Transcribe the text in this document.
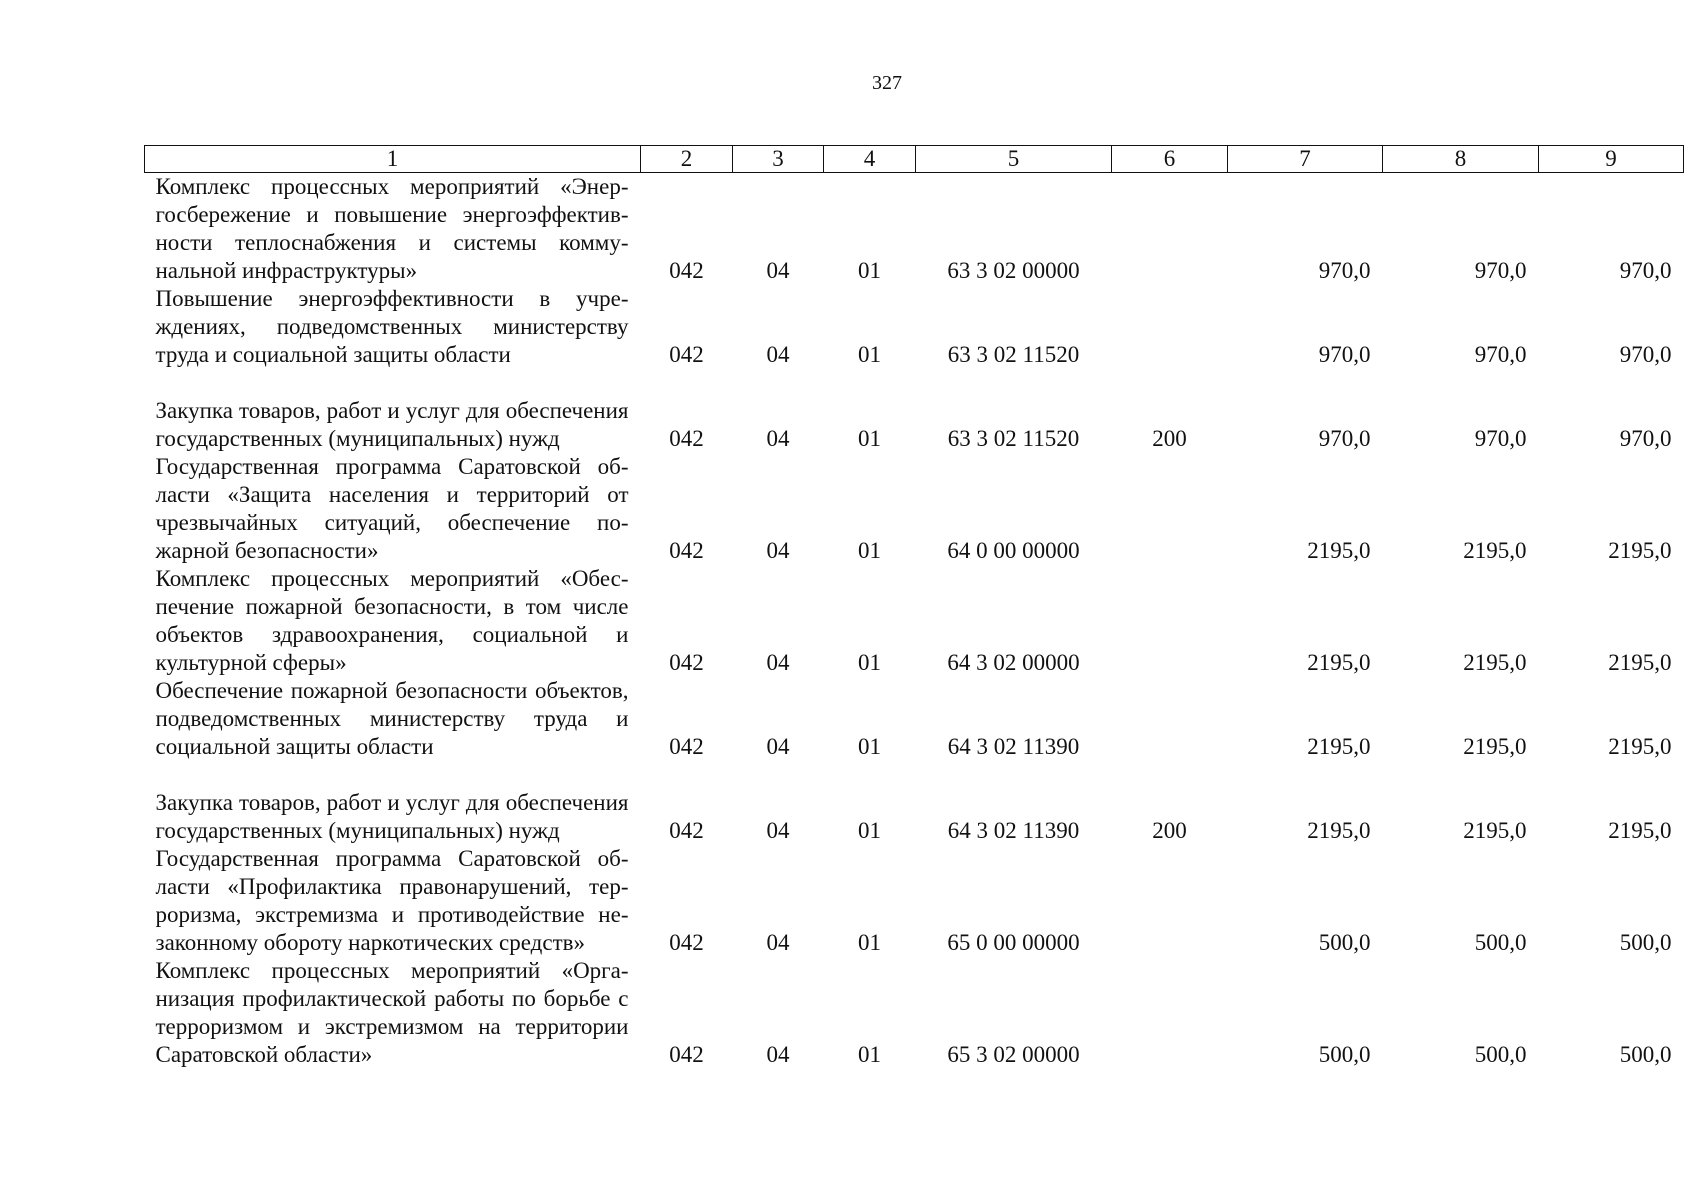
327
1	2	3	4	5	6	7	8	9
Комплекс процессных мероприятий «Энергосбережение и повышение энергоэффективности теплоснабжения и системы коммунальной инфраструктуры»	042	04	01	63 3 02 00000		970,0	970,0	970,0
Повышение энергоэффективности в учреждениях, подведомственных министерству труда и социальной защиты области	042	04	01	63 3 02 11520		970,0	970,0	970,0
Закупка товаров, работ и услуг для обеспечения государственных (муниципальных) нужд	042	04	01	63 3 02 11520	200	970,0	970,0	970,0
Государственная программа Саратовской области «Защита населения и территорий от чрезвычайных ситуаций, обеспечение пожарной безопасности»	042	04	01	64 0 00 00000		2195,0	2195,0	2195,0
Комплекс процессных мероприятий «Обеспечение пожарной безопасности, в том числе объектов здравоохранения, социальной и культурной сферы»	042	04	01	64 3 02 00000		2195,0	2195,0	2195,0
Обеспечение пожарной безопасности объектов, подведомственных министерству труда и социальной защиты области	042	04	01	64 3 02 11390		2195,0	2195,0	2195,0
Закупка товаров, работ и услуг для обеспечения государственных (муниципальных) нужд	042	04	01	64 3 02 11390	200	2195,0	2195,0	2195,0
Государственная программа Саратовской области «Профилактика правонарушений, терроризма, экстремизма и противодействие незаконному обороту наркотических средств»	042	04	01	65 0 00 00000		500,0	500,0	500,0
Комплекс процессных мероприятий «Организация профилактической работы по борьбе с терроризмом и экстремизмом на территории Саратовской области»	042	04	01	65 3 02 00000		500,0	500,0	500,0
